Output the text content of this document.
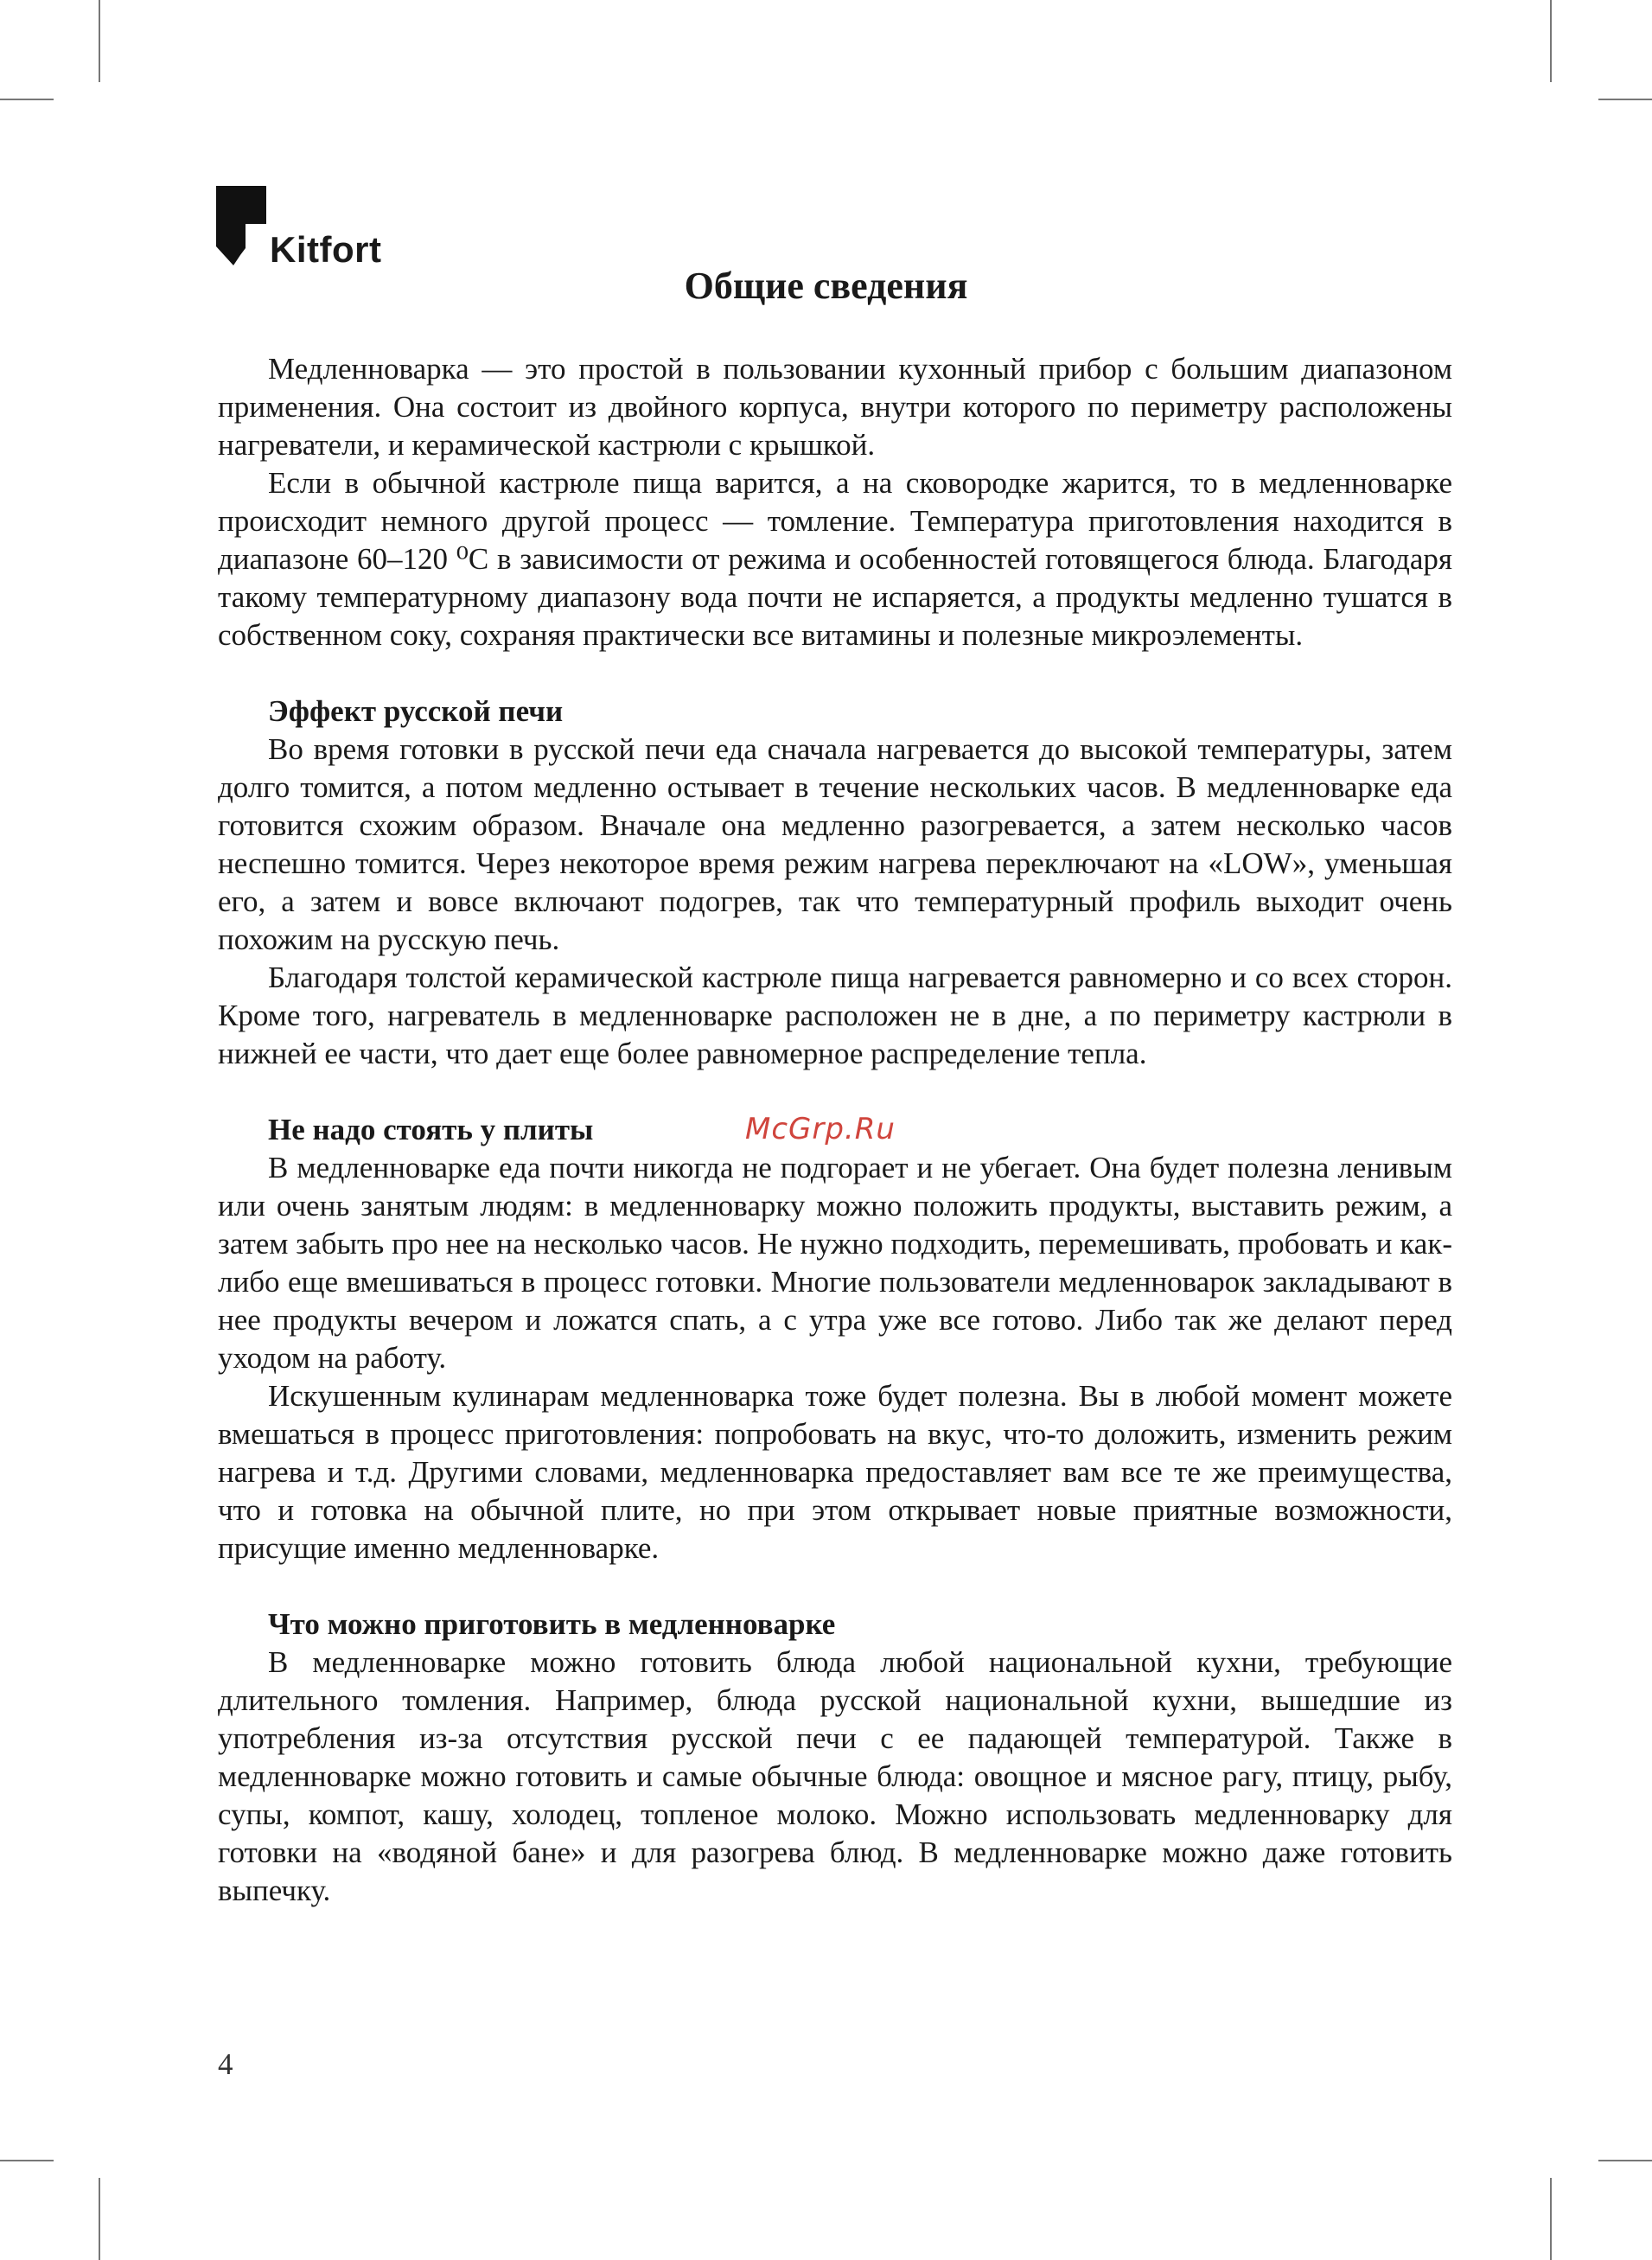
Kitfort
Общие сведения

Медленноварка — это простой в пользовании кухонный прибор с большим диапазоном применения. Она состоит из двойного корпуса, внутри которого по периметру расположены нагреватели, и керамической кастрюли с крышкой.

Если в обычной кастрюле пища варится, а на сковородке жарится, то в медленноварке происходит немного другой процесс — томление. Температура приготовления находится в диапазоне 60–120 ⁰С в зависимости от режима и особенностей готовящегося блюда. Благодаря такому температурному диапазону вода почти не испаряется, а продукты медленно тушатся в собственном соку, сохраняя практически все витамины и полезные микроэлементы.

Эффект русской печи

Во время готовки в русской печи еда сначала нагревается до высокой температуры, затем долго томится, а потом медленно остывает в течение нескольких часов. В медленноварке еда готовится схожим образом. Вначале она медленно разогревается, а затем несколько часов неспешно томится. Через некоторое время режим нагрева переключают на «LOW», уменьшая его, а затем и вовсе включают подогрев, так что температурный профиль выходит очень похожим на русскую печь.

Благодаря толстой керамической кастрюле пища нагревается равномерно и со всех сторон. Кроме того, нагреватель в медленноварке расположен не в дне, а по периметру кастрюли в нижней ее части, что дает еще более равномерное распределение тепла.

Не надо стоять у плиты

В медленноварке еда почти никогда не подгорает и не убегает. Она будет полезна ленивым или очень занятым людям: в медленноварку можно положить продукты, выставить режим, а затем забыть про нее на несколько часов. Не нужно подходить, перемешивать, пробовать и как-либо еще вмешиваться в процесс готовки. Многие пользователи медленноварок закладывают в нее продукты вечером и ложатся спать, а с утра уже все готово. Либо так же делают перед уходом на работу.

Искушенным кулинарам медленноварка тоже будет полезна. Вы в любой момент можете вмешаться в процесс приготовления: попробовать на вкус, что-то доложить, изменить режим нагрева и т.д. Другими словами, медленноварка предоставляет вам все те же преимущества, что и готовка на обычной плите, но при этом открывает новые приятные возможности, присущие именно медленноварке.

Что можно приготовить в медленноварке

В медленноварке можно готовить блюда любой национальной кухни, требующие длительного томления. Например, блюда русской национальной кухни, вышедшие из употребления из-за отсутствия русской печи с ее падающей температурой. Также в медленноварке можно готовить и самые обычные блюда: овощное и мясное рагу, птицу, рыбу, супы, компот, кашу, холодец, топленое молоко. Можно использовать медленноварку для готовки на «водяной бане» и для разогрева блюд. В медленноварке можно даже готовить выпечку.

McGrp.Ru
4
